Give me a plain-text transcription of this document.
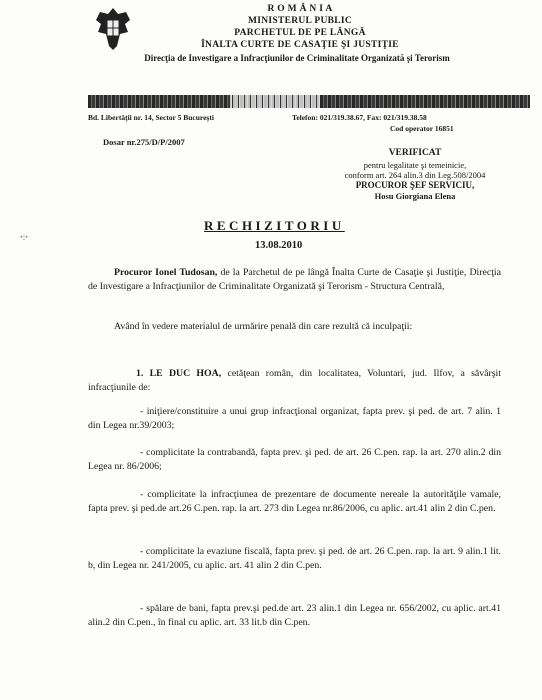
R O M Â N I A
MINISTERUL PUBLIC
PARCHETUL DE PE LÂNGĂ
ÎNALTA CURTE DE CASAŢIE ŞI JUSTIŢIE
Direcţia de Investigare a Infracţiunilor de Criminalitate Organizată şi Terorism
Bd. Libertăţii nr. 14, Sector 5 Bucureşti	Telefon: 021/319.38.67, Fax: 021/319.38.58
Cod operator 16851
Dosar nr.275/D/P/2007
VERIFICAT
pentru legalitate şi temeinicie,
conform art. 264 alin.3 din Leg.508/2004
PROCUROR ŞEF SERVICIU,
Hosu Giorgiana Elena
RECHIZITORIU
13.08.2010
ꞏ:ꞏ
Procuror Ionel Tudosan, de la Parchetul de pe lângă Înalta Curte de Casaţie şi Justiţie, Direcţia de Investigare a Infracţiunilor de Criminalitate Organizată şi Terorism - Structura Centrală,
Având în vedere materialul de urmărire penală din care rezultă că inculpaţii:
1. LE DUC HOA, cetăţean român, din localitatea, Voluntari, jud. Ilfov, a săvârşit infracţiunile de:
- iniţiere/constituire a unui grup infracţional organizat, fapta prev. şi ped. de art. 7 alin. 1 din Legea nr.39/2003;
- complicitate la contrabandă, fapta prev. şi ped. de art. 26 C.pen. rap. la art. 270 alin.2 din Legea nr. 86/2006;
- complicitate la infracţiunea de prezentare de documente nereale la autorităţile vamale, fapta prev. şi ped.de art.26 C.pen. rap. la art. 273 din Legea nr.86/2006, cu aplic. art.41 alin 2 din C.pen.
- complicitate la evaziune fiscală, fapta prev. şi ped. de art. 26 C.pen. rap. la art. 9 alin.1 lit. b, din Legea nr. 241/2005, cu aplic. art. 41 alin 2 din C.pen.
- spălare de bani, fapta prev.şi ped.de art. 23 alin.1 din Legea nr. 656/2002, cu aplic. art.41 alin.2 din C.pen., în final cu aplic. art. 33 lit.b din C.pen.
